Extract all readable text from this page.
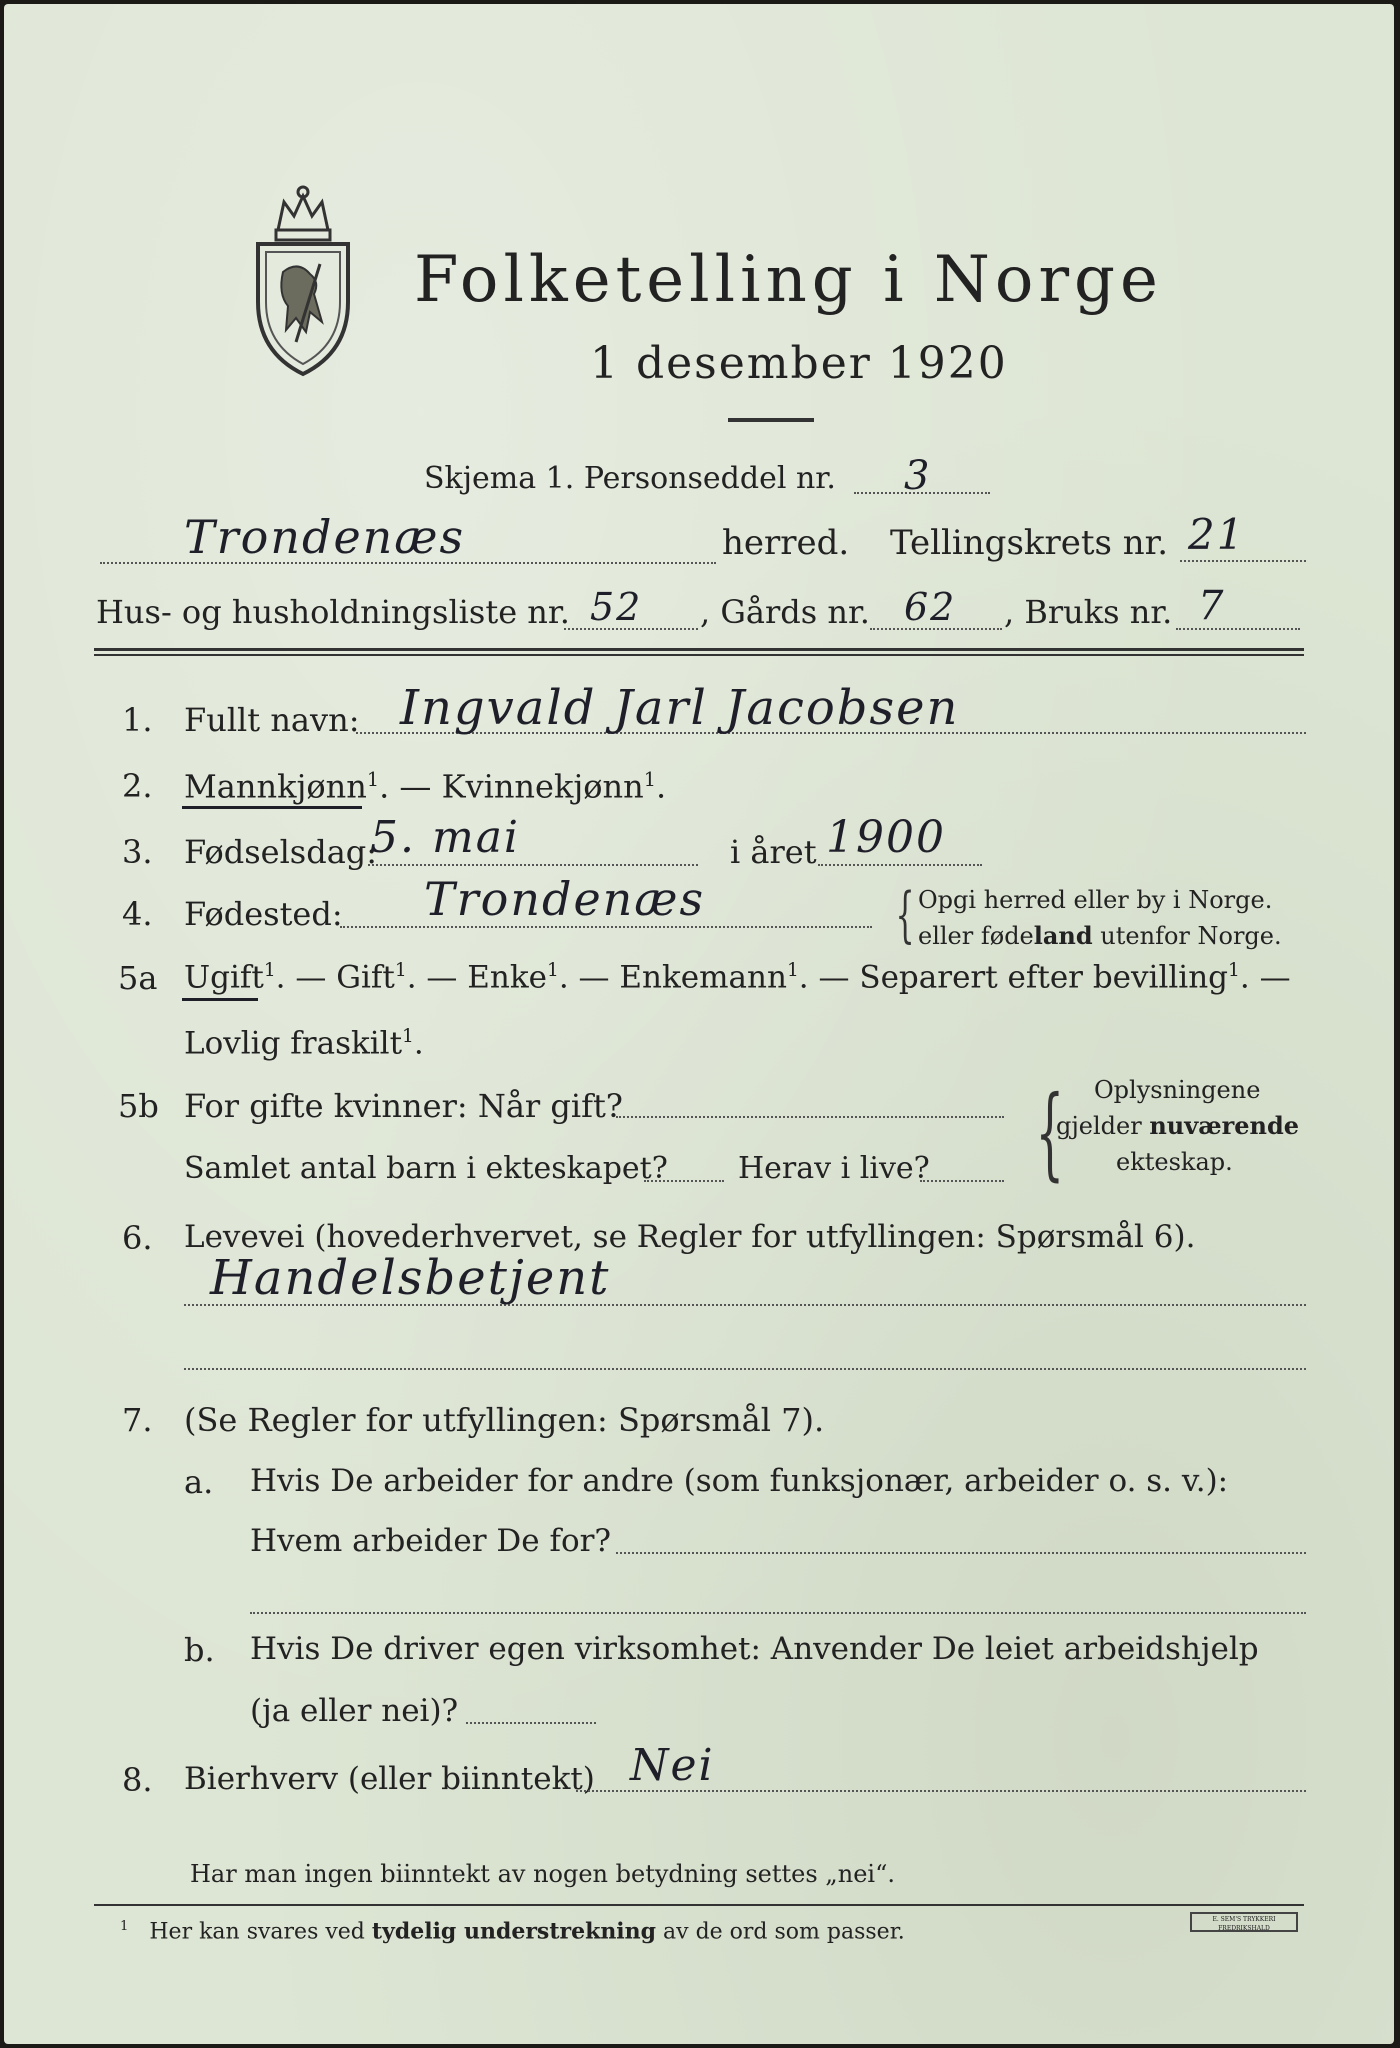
Folketelling i Norge
1 desember 1920
Skjema 1. Personseddel nr. 3
Trondenæs	herred. Tellingskrets nr. 21
Hus- og husholdningsliste nr. 52 , Gårds nr. 62 , Bruks nr. 7
1. Fullt navn: Ingvald Jarl Jacobsen
2. Mannkjønn$^1$. — Kvinnekjønn$^1$.
3. Fødselsdag:
5. mai	i året 1900
4. Fødested: Trondenæs	{ Opgi herred eller by i Norge.
eller fødeland utenfor Norge.
5a Ugift$^1$. — Gift$^1$. — Enke$^1$. — Enkemann$^1$. — Separert efter bevilling$^1$. —
Lovlig fraskilt$^1$.
5b For gifte kvinner: Når gift?
Samlet antal barn i ekteskapet? Herav i live? { Oplysningene
gjelder nuværende
ekteskap.
6. Levevei (hovederhvervet, se Regler for utfyllingen: Spørsmål 6).
Handelsbetjent
7. (Se Regler for utfyllingen: Spørsmål 7).
a. Hvis De arbeider for andre (som funksjonær, arbeider o. s. v.):
Hvem arbeider De for?
b. Hvis De driver egen virksomhet: Anvender De leiet arbeidshjelp
(ja eller nei)?
8. Bierhverv (eller biinntekt) Nei
Har man ingen biinntekt av nogen betydning settes „nei“.
$^1$ Her kan svares ved tydelig understrekning av de ord som passer.	E. SEM'S TRYKKERI FREDRIKSHALD
